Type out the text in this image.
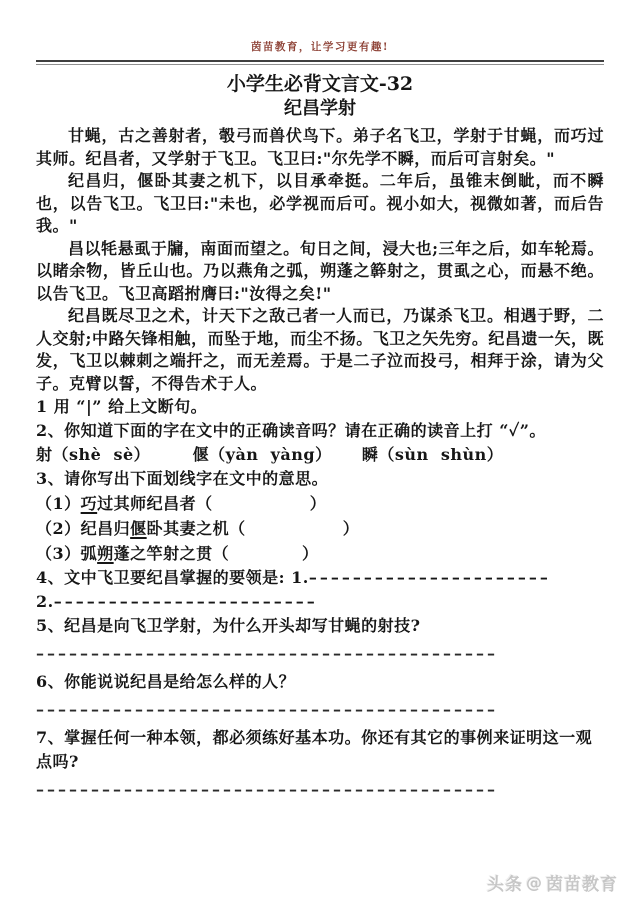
茵苗教育，让学习更有趣!
小学生必背文言文-32
纪昌学射

甘蝇，古之善射者，彀弓而兽伏鸟下。弟子名飞卫，学射于甘蝇，而巧过其师。纪昌者，又学射于飞卫。飞卫曰:"尔先学不瞬，而后可言射矣。"

纪昌归，偃卧其妻之机下，以目承牵挺。二年后，虽锥末倒眦，而不瞬也，以告飞卫。飞卫曰:"未也，必学视而后可。视小如大，视微如著，而后告我。"

昌以牦悬虱于牖，南面而望之。旬日之间，浸大也;三年之后，如车轮焉。以睹余物，皆丘山也。乃以燕角之弧，朔蓬之簳射之，贯虱之心，而悬不绝。以告飞卫。飞卫高蹈拊膺曰:"汝得之矣!"

纪昌既尽卫之术，计天下之敌己者一人而已，乃谋杀飞卫。相遇于野，二人交射;中路矢锋相触，而坠于地，而尘不扬。飞卫之矢先穷。纪昌遗一矢，既发，飞卫以棘刺之端扞之，而无差焉。于是二子泣而投弓，相拜于涂，请为父子。克臂以誓，不得告术于人。

1 用 “|” 给上文断句。

2、你知道下面的字在文中的正确读音吗？请在正确的读音上打 “✓”。

射（shè  sè）       偃（yàn  yàng）     瞬（sùn  shùn）

3、请你写出下面划线字在文中的意思。

（1）巧过其师纪昌者（                ）

（2）纪昌归偃卧其妻之机（                ）

（3）弧朔蓬之竿射之贯（            ）

4、文中飞卫要纪昌掌握的要领是: 1.––––––––––––––––––––––

2.––––––––––––––––––––––––

5、纪昌是向飞卫学射，为什么开头却写甘蝇的射技?

––––––––––––––––––––––––––––––––––––––––––

6、你能说说纪昌是给怎么样的人？

––––––––––––––––––––––––––––––––––––––––––

7、掌握任何一种本领，都必须练好基本功。你还有其它的事例来证明这一观点吗?

––––––––––––––––––––––––––––––––––––––––––

头条 @ 茵苗教育
